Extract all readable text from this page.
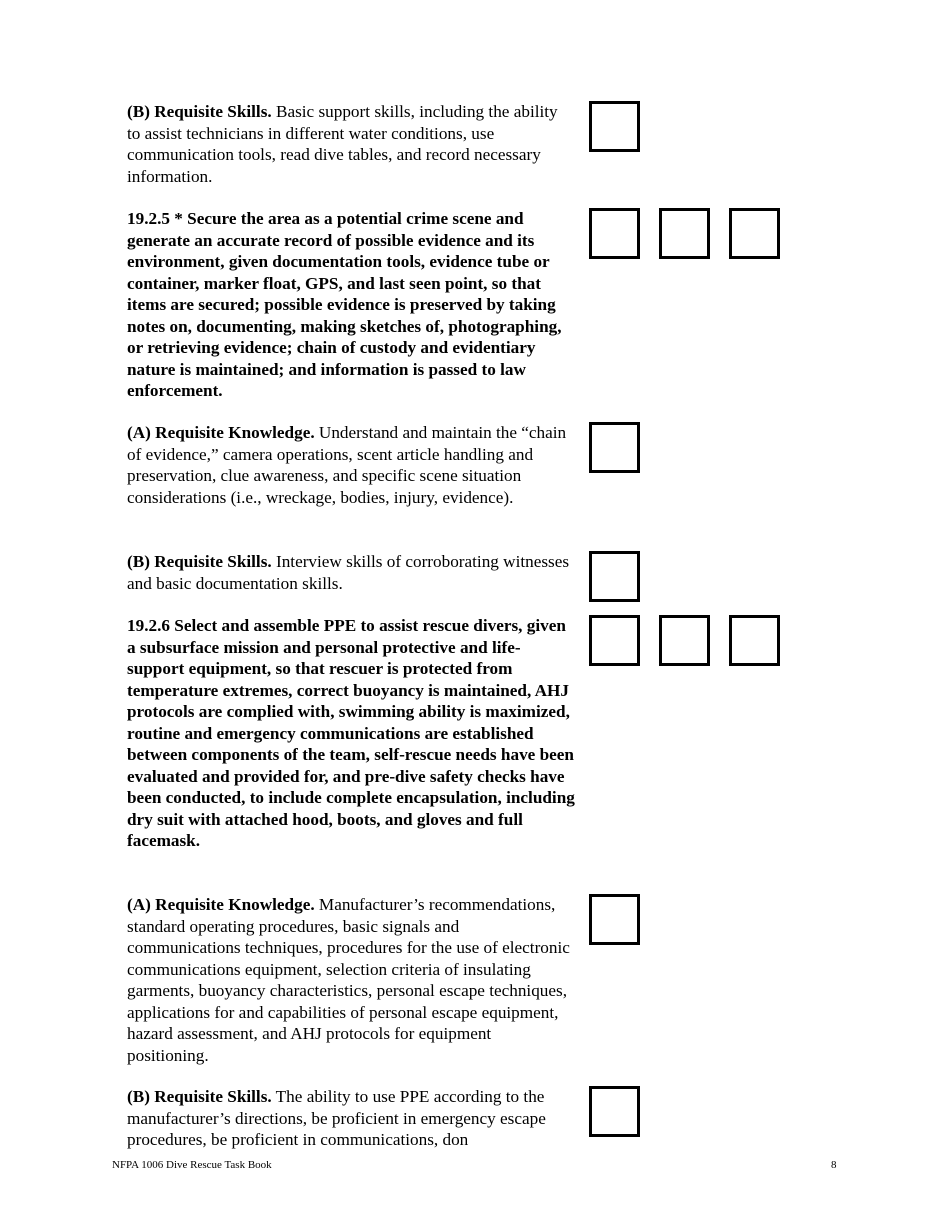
(B) Requisite Skills. Basic support skills, including the ability to assist technicians in different water conditions, use communication tools, read dive tables, and record necessary information.

19.2.5 * Secure the area as a potential crime scene and generate an accurate record of possible evidence and its environment, given documentation tools, evidence tube or container, marker float, GPS, and last seen point, so that items are secured; possible evidence is preserved by taking notes on, documenting, making sketches of, photographing, or retrieving evidence; chain of custody and evidentiary nature is maintained; and information is passed to law enforcement.

(A) Requisite Knowledge. Understand and maintain the “chain of evidence,” camera operations, scent article handling and preservation, clue awareness, and specific scene situation considerations (i.e., wreckage, bodies, injury, evidence).

(B) Requisite Skills. Interview skills of corroborating witnesses and basic documentation skills.

19.2.6 Select and assemble PPE to assist rescue divers, given a subsurface mission and personal protective and life-support equipment, so that rescuer is protected from temperature extremes, correct buoyancy is maintained, AHJ protocols are complied with, swimming ability is maximized, routine and emergency communications are established between components of the team, self-rescue needs have been evaluated and provided for, and pre-dive safety checks have been conducted, to include complete encapsulation, including dry suit with attached hood, boots, and gloves and full facemask.

(A) Requisite Knowledge. Manufacturer’s recommendations, standard operating procedures, basic signals and communications techniques, procedures for the use of electronic communications equipment, selection criteria of insulating garments, buoyancy characteristics, personal escape techniques, applications for and capabilities of personal escape equipment, hazard assessment, and AHJ protocols for equipment positioning.

(B) Requisite Skills. The ability to use PPE according to the manufacturer’s directions, be proficient in emergency escape procedures, be proficient in communications, don

NFPA 1006 Dive Rescue Task Book	8
